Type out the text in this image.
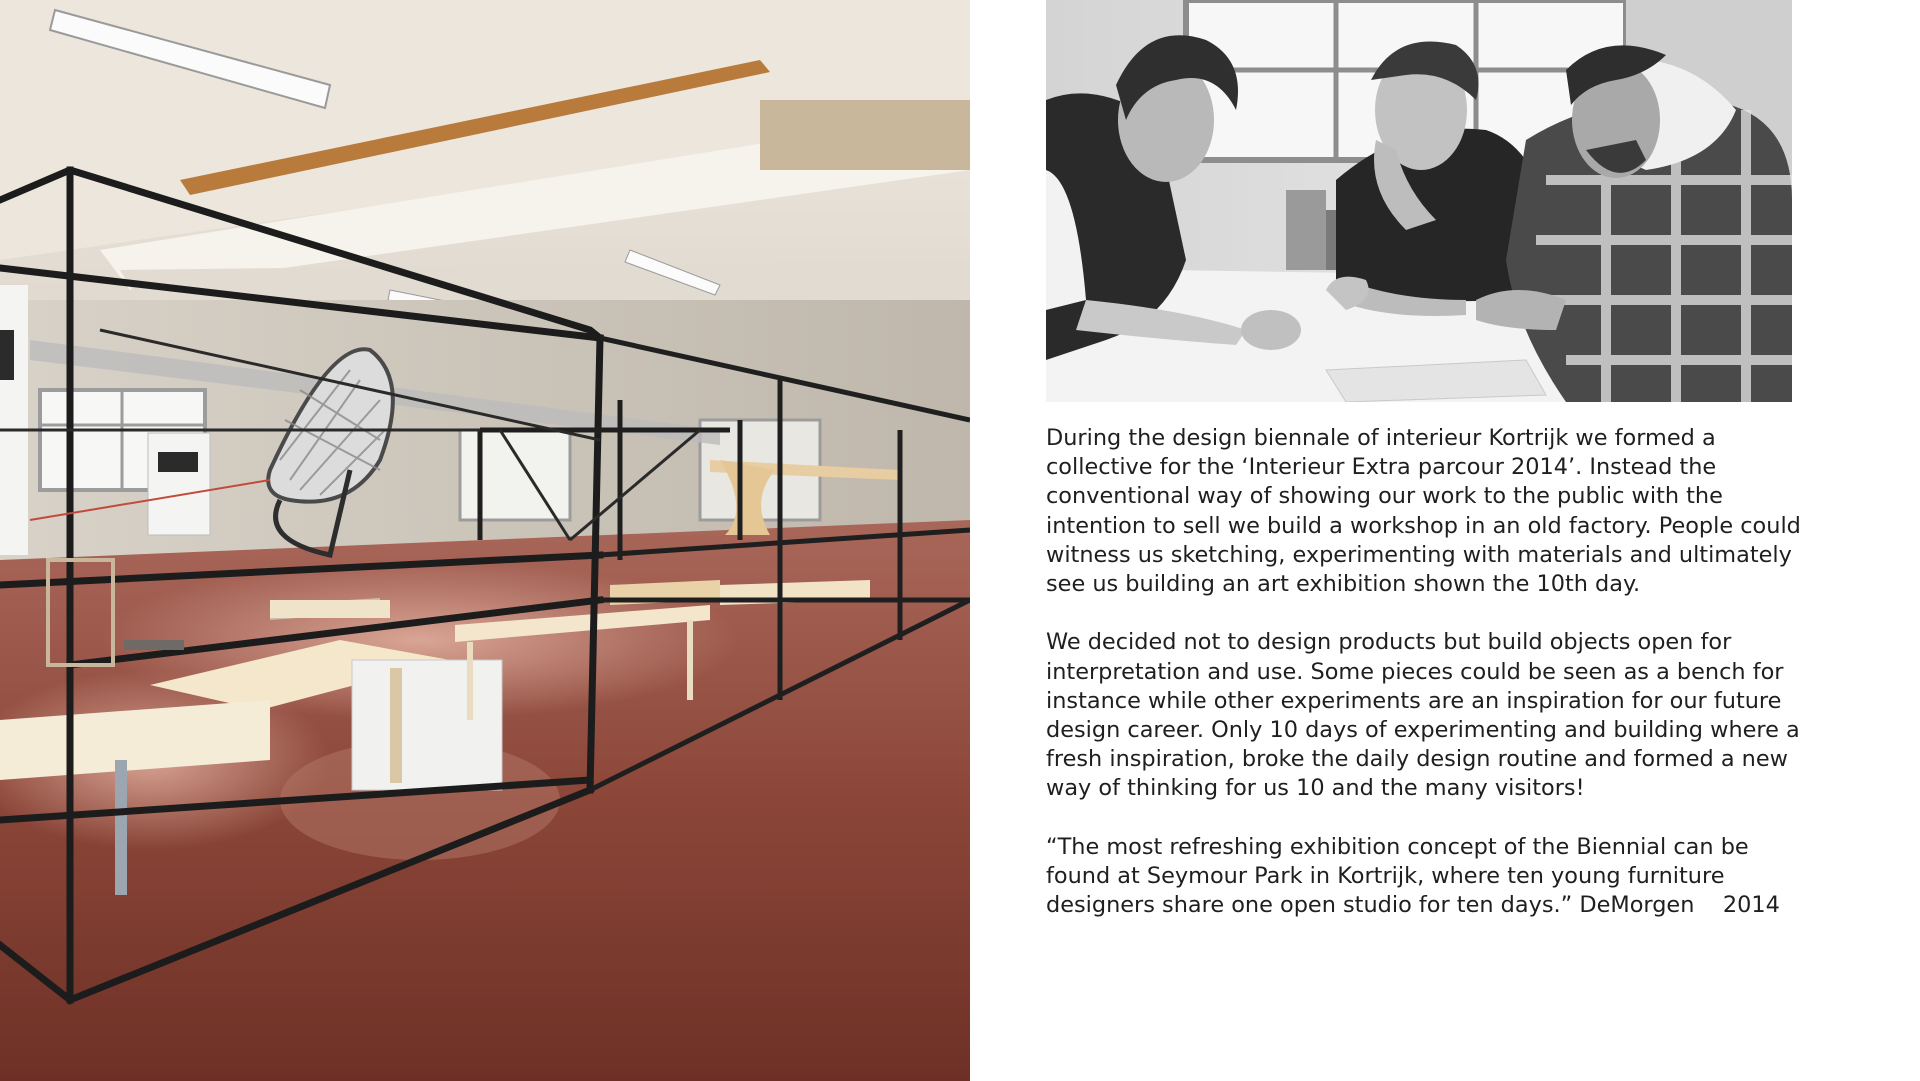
During the design biennale of interieur Kortrijk we formed a collective for the ‘Interieur Extra parcour 2014’. Instead the conventional way of showing our work to the public with the intention to sell we build a workshop in an old factory. People could witness us sketching, experimenting with materials and ultimately see us building an art exhibition shown the 10th day.

We decided not to design products but build objects open for interpretation and use. Some pieces could be seen as a bench for instance while other experiments are an inspiration for our future design career. Only 10 days of experimenting and building where a fresh inspiration, broke the daily design routine and formed a new way of thinking for us 10 and the many visitors!

“The most refreshing exhibition concept of the Biennial can be found at Seymour Park in Kortrijk, where ten young furniture designers share one open studio for ten days.” DeMorgen 2014
